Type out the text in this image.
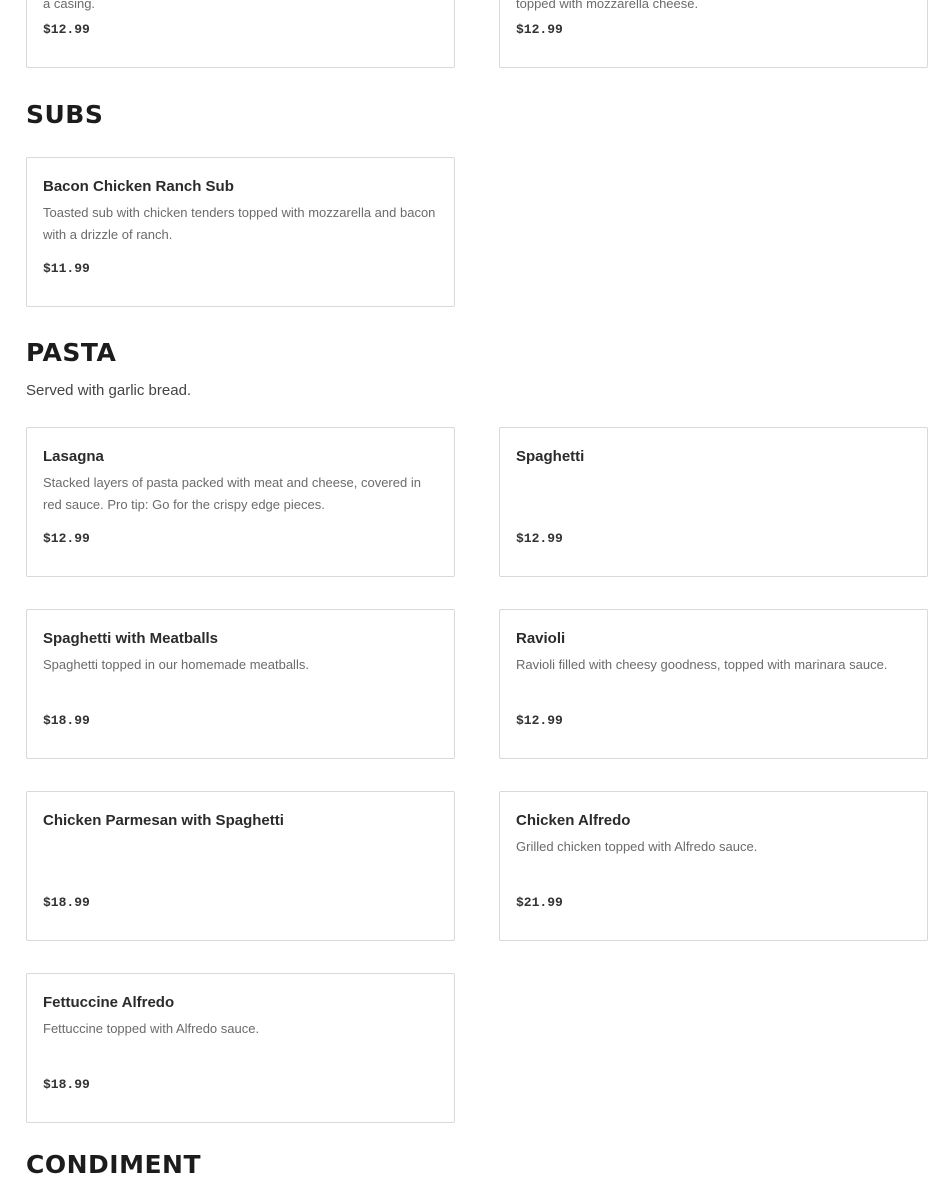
a casing.
$12.99
topped with mozzarella cheese.
$12.99
SUBS
Bacon Chicken Ranch Sub
Toasted sub with chicken tenders topped with mozzarella and bacon with a drizzle of ranch.
$11.99
PASTA

Served with garlic bread.

Lasagna
Stacked layers of pasta packed with meat and cheese, covered in red sauce. Pro tip: Go for the crispy edge pieces.
$12.99
Spaghetti
$12.99
Spaghetti with Meatballs
Spaghetti topped in our homemade meatballs.
$18.99
Ravioli
Ravioli filled with cheesy goodness, topped with marinara sauce.
$12.99
Chicken Parmesan with Spaghetti
$18.99
Chicken Alfredo
Grilled chicken topped with Alfredo sauce.
$21.99
Fettuccine Alfredo
Fettuccine topped with Alfredo sauce.
$18.99
CONDIMENT
